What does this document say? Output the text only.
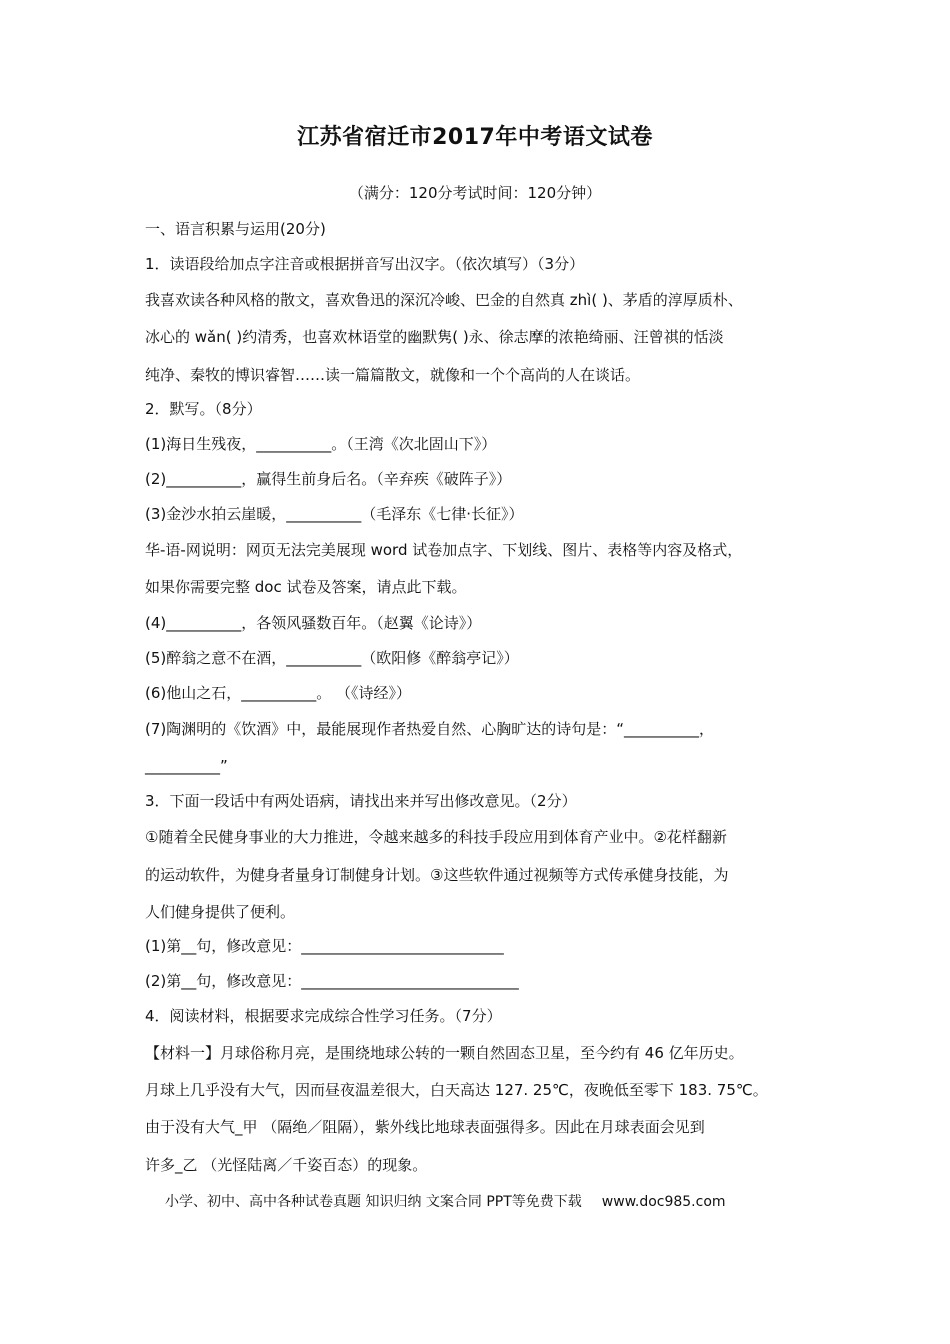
江苏省宿迁市2017年中考语文试卷
（满分：120分考试时间：120分钟）
一、语言积累与运用(20分)
1．读语段给加点字注音或根据拼音写出汉字。（依次填写）（3分）
我喜欢读各种风格的散文，喜欢鲁迅的深沉冷峻、巴金的自然真 zhì( )、茅盾的淳厚质朴、
冰心的 wǎn( )约清秀，也喜欢林语堂的幽默隽( )永、徐志摩的浓艳绮丽、汪曾祺的恬淡
纯净、秦牧的博识睿智……读一篇篇散文，就像和一个个高尚的人在谈话。
2．默写。（8分）
(1)海日生残夜，__________。（王湾《次北固山下》）
(2)__________，赢得生前身后名。（辛弃疾《破阵子》）
(3)金沙水拍云崖暖，__________（毛泽东《七律·长征》）
华-语-网说明：网页无法完美展现 word 试卷加点字、下划线、图片、表格等内容及格式，
如果你需要完整 doc 试卷及答案，请点此下载。
(4)__________，各领风骚数百年。（赵翼《论诗》）
(5)醉翁之意不在酒，__________（欧阳修《醉翁亭记》）
(6)他山之石，__________。 （《诗经》）
(7)陶渊明的《饮酒》中，最能展现作者热爱自然、心胸旷达的诗句是：“__________，
__________”
3．下面一段话中有两处语病，请找出来并写出修改意见。（2分）
①随着全民健身事业的大力推进，令越来越多的科技手段应用到体育产业中。②花样翻新
的运动软件，为健身者量身订制健身计划。③这些软件通过视频等方式传承健身技能，为
人们健身提供了便利。
(1)第__句，修改意见：___________________________
(2)第__句，修改意见：_____________________________
4．阅读材料，根据要求完成综合性学习任务。（7分）
【材料一】月球俗称月亮，是围绕地球公转的一颗自然固态卫星，至今约有 46 亿年历史。
月球上几乎没有大气，因而昼夜温差很大，白天高达 127. 25℃，夜晚低至零下 183. 75℃。
由于没有大气_甲 （隔绝／阻隔），紫外线比地球表面强得多。因此在月球表面会见到
许多_乙 （光怪陆离／千姿百态）的现象。
小学、初中、高中各种试卷真题 知识归纳 文案合同 PPT等免费下载 www.doc985.com
